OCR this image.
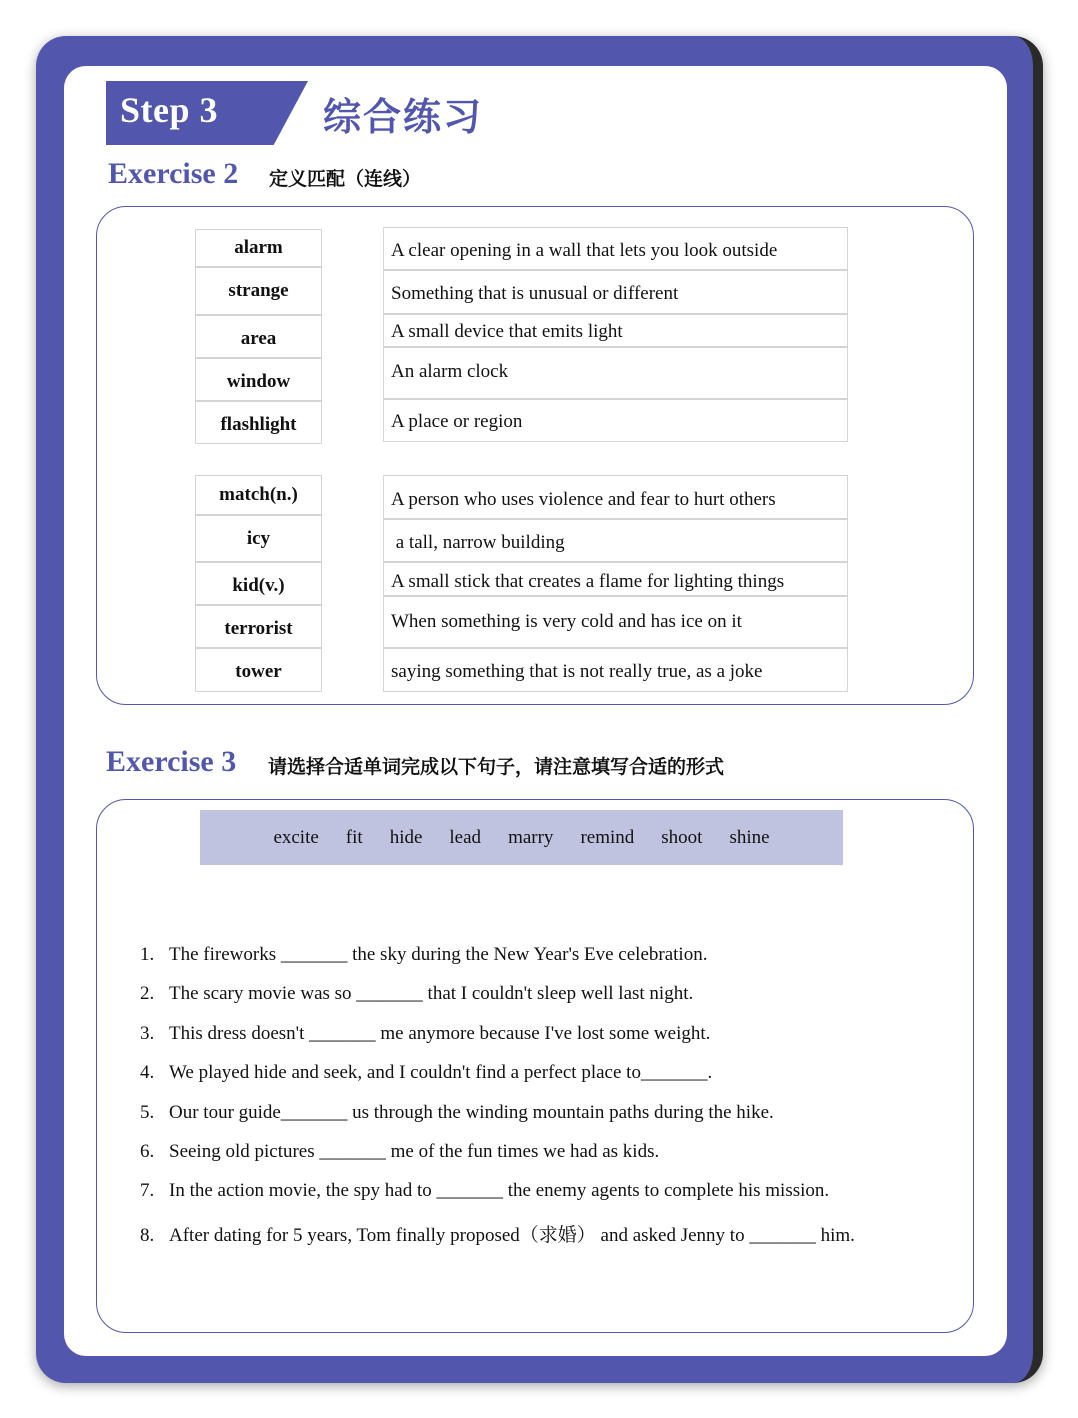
Step 3	综合练习
Exercise 2 定义匹配（连线）
alarm
strange
area
window
flashlight
A clear opening in a wall that lets you look outside
Something that is unusual or different
A small device that emits light
An alarm clock
A place or region
match(n.)
icy
kid(v.)
terrorist
tower
A person who uses violence and fear to hurt others
a tall, narrow building
A small stick that creates a flame for lighting things
When something is very cold and has ice on it
saying something that is not really true, as a joke
Exercise 3 请选择合适单词完成以下句子，请注意填写合适的形式
excite fit hide lead marry remind shoot shine
1. The fireworks _______ the sky during the New Year's Eve celebration.
2. The scary movie was so _______ that I couldn't sleep well last night.
3. This dress doesn't _______ me anymore because I've lost some weight.
4. We played hide and seek, and I couldn't find a perfect place to_______.
5. Our tour guide_______ us through the winding mountain paths during the hike.
6. Seeing old pictures _______ me of the fun times we had as kids.
7. In the action movie, the spy had to _______ the enemy agents to complete his mission.
8. After dating for 5 years, Tom finally proposed（求婚） and asked Jenny to _______ him.
